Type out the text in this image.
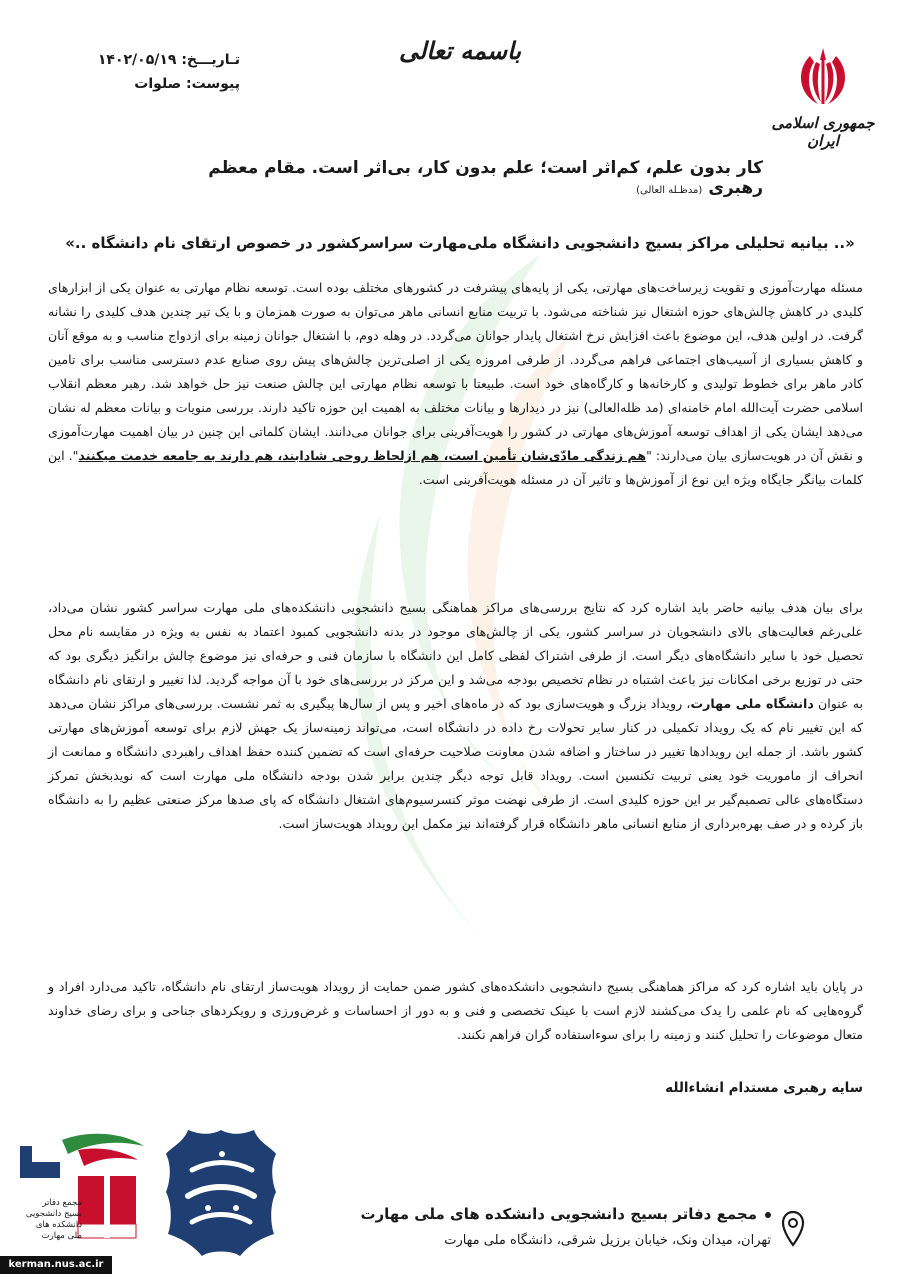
جمهوری اسلامی ایران
باسمه تعالی
تـاریـــخ: ۱۴۰۲/۰۵/۱۹
پیوست: صلوات
کار بدون علم، کم‌اثر است؛ علم بدون کار، بی‌اثر است. مقام معظم رهبری(مدظـله العالی)
«.. بیانیه تحلیلی مراکز بسیج دانشجویی دانشگاه ملی‌مهارت سراسرکشور در خصوص ارتقای نام دانشگاه ..»
مسئله مهارت‌آموزی و تقویت زیرساخت‌های مهارتی، یکی از پایه‌های پیشرفت در کشورهای مختلف بوده است. توسعه نظام مهارتی به عنوان یکی از ابزارهای کلیدی در کاهش چالش‌های حوزه اشتغال نیز شناخته می‌شود. با تربیت منابع انسانی ماهر می‌توان به صورت همزمان و با یک تیر چندین هدف کلیدی را نشانه گرفت. در اولین هدف، این موضوع باعث افزایش نرخ اشتغال پایدار جوانان می‌گردد. در وهله دوم، با اشتغال جوانان زمینه برای ازدواج مناسب و به موقع آنان و کاهش بسیاری از آسیب‌های اجتماعی فراهم می‌گردد. از طرفی امروزه یکی از اصلی‌ترین چالش‌های پیش روی صنایع عدم دسترسی مناسب برای تامین کادر ماهر برای خطوط تولیدی و کارخانه‌ها و کارگاه‌های خود است. طبیعتا با توسعه نظام مهارتی این چالش صنعت نیز حل خواهد شد. رهبر معظم انقلاب اسلامی حضرت آیت‌الله امام خامنه‌ای (مد ظله‌العالی) نیز در دیدارها و بیانات مختلف به اهمیت این حوزه تاکید دارند. بررسی منویات و بیانات معظم له نشان می‌دهد ایشان یکی از اهداف توسعه آموزش‌های مهارتی در کشور را هویت‌آفرینی برای جوانان می‌دانند. ایشان کلماتی این چنین در بیان اهمیت مهارت‌آموزی و نقش آن در هویت‌سازی بیان می‌دارند: "هم زندگی مادّی‌شان تأمین است، هم ازلحاظ روحی شادابند، هم دارند به جامعه خدمت میکنند". این کلمات بیانگر جایگاه ویژه این نوع از آموزش‌ها و تاثیر آن در مسئله هویت‌آفرینی است.
برای بیان هدف بیانیه حاضر باید اشاره کرد که نتایج بررسی‌های مراکز هماهنگی بسیج دانشجویی دانشکده‌های ملی مهارت سراسر کشور نشان می‌داد، علی‌رغم فعالیت‌های بالای دانشجویان در سراسر کشور، یکی از چالش‌های موجود در بدنه دانشجویی کمبود اعتماد به نفس به ویژه در مقایسه نام محل تحصیل خود با سایر دانشگاه‌های دیگر است. از طرفی اشتراک لفظی کامل این دانشگاه با سازمان فنی و حرفه‌ای نیز موضوع چالش برانگیز دیگری بود که حتی در توزیع برخی امکانات نیز باعث اشتباه در نظام تخصیص بودجه می‌شد و این مرکز در بررسی‌های خود با آن مواجه گردید. لذا تغییر و ارتقای نام دانشگاه به عنوان دانشگاه ملی مهارت، رویداد بزرگ و هویت‌سازی بود که در ماه‌های اخیر و پس از سال‌ها پیگیری به ثمر نشست. بررسی‌های مراکز نشان می‌دهد که این تغییر نام که یک رویداد تکمیلی در کنار سایر تحولات رخ داده در دانشگاه است، می‌تواند زمینه‌ساز یک جهش لازم برای توسعه آموزش‌های مهارتی کشور باشد. از جمله این رویدادها تغییر در ساختار و اضافه شدن معاونت صلاحیت حرفه‌ای است که تضمین کننده حفظ اهداف راهبردی دانشگاه و ممانعت از انحراف از ماموریت خود یعنی تربیت تکنسین است. رویداد قابل توجه دیگر چندین برابر شدن بودجه دانشگاه ملی مهارت است که نویدبخش تمرکز دستگاه‌های عالی تصمیم‌گیر بر این حوزه کلیدی است. از طرفی نهضت موثر کنسرسیوم‌های اشتغال دانشگاه که پای صدها مرکز صنعتی عظیم را به دانشگاه باز کرده و در صف بهره‌برداری از منابع انسانی ماهر دانشگاه قرار گرفته‌اند نیز مکمل این رویداد هویت‌ساز است.
در پایان باید اشاره کرد که مراکز هماهنگی بسیج دانشجویی دانشکده‌های کشور ضمن حمایت از رویداد هویت‌ساز ارتقای نام دانشگاه، تاکید می‌دارد افراد و گروه‌هایی که نام علمی را یدک می‌کشند لازم است با عینک تخصصی و فنی و به دور از احساسات و غرض‌ورزی و رویکردهای جناحی و برای رضای خداوند متعال موضوعات را تحلیل کنند و زمینه را برای سوءاستفاده گران فراهم نکنند.
سایه رهبری مستدام انشاءالله
مجمع دفاتر بسیج دانشجویی دانشکده های ملی مهارت
تهران، میدان ونک، خیابان برزیل شرقی، دانشگاه ملی مهارت
مجمع دفاتر بسیج دانشجویی دانشکده های ملی مهارت
kerman.nus.ac.ir
